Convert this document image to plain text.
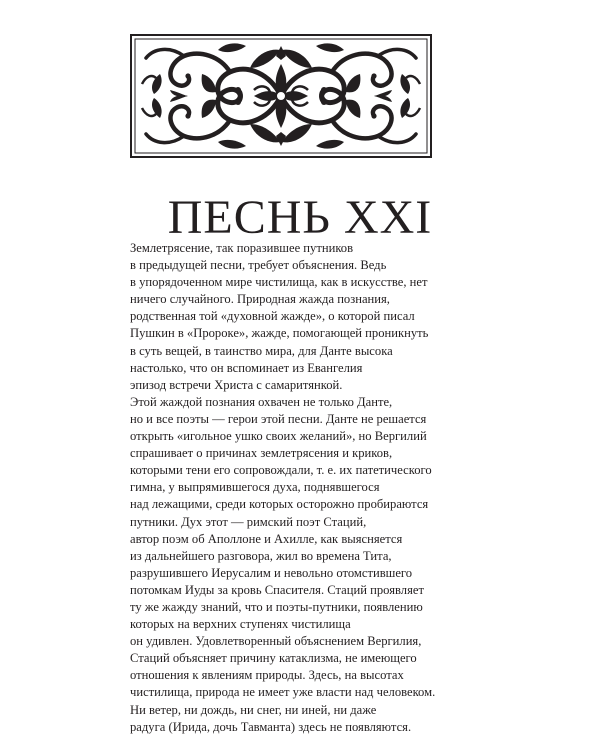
ПЕСНЬ XXI
Землетрясение, так поразившее путников
в предыдущей песни, требует объяснения. Ведь
в упорядоченном мире чистилища, как в искусстве, нет
ничего случайного. Природная жажда познания,
родственная той «духовной жажде», о которой писал
Пушкин в «Пророке», жажде, помогающей проникнуть
в суть вещей, в таинство мира, для Данте высока
настолько, что он вспоминает из Евангелия
эпизод встречи Христа с самаритянкой.
Этой жаждой познания охвачен не только Данте,
но и все поэты — герои этой песни. Данте не решается
открыть «игольное ушко своих желаний», но Вергилий
спрашивает о причинах землетрясения и криков,
которыми тени его сопровождали, т. е. их патетического
гимна, у выпрямившегося духа, поднявшегося
над лежащими, среди которых осторожно пробираются
путники. Дух этот — римский поэт Стаций,
автор поэм об Аполлоне и Ахилле, как выясняется
из дальнейшего разговора, жил во времена Тита,
разрушившего Иерусалим и невольно отомстившего
потомкам Иуды за кровь Спасителя. Стаций проявляет
ту же жажду знаний, что и поэты-путники, появлению
которых на верхних ступенях чистилища
он удивлен. Удовлетворенный объяснением Вергилия,
Стаций объясняет причину катаклизма, не имеющего
отношения к явлениям природы. Здесь, на высотах
чистилища, природа не имеет уже власти над человеком.
Ни ветер, ни дождь, ни снег, ни иней, ни даже
радуга (Ирида, дочь Тавманта) здесь не появляются.
